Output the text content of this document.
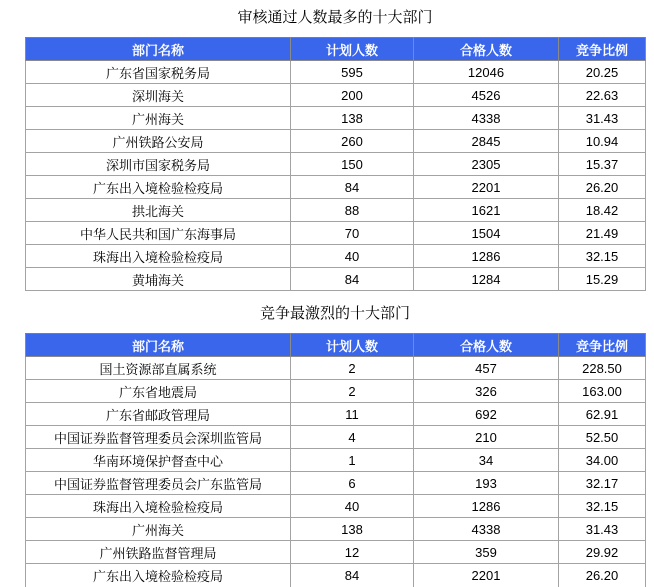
审核通过人数最多的十大部门
部门名称	计划人数	合格人数	竞争比例
广东省国家税务局	595	12046	20.25
深圳海关	200	4526	22.63
广州海关	138	4338	31.43
广州铁路公安局	260	2845	10.94
深圳市国家税务局	150	2305	15.37
广东出入境检验检疫局	84	2201	26.20
拱北海关	88	1621	18.42
中华人民共和国广东海事局	70	1504	21.49
珠海出入境检验检疫局	40	1286	32.15
黄埔海关	84	1284	15.29
竞争最激烈的十大部门
部门名称	计划人数	合格人数	竞争比例
国土资源部直属系统	2	457	228.50
广东省地震局	2	326	163.00
广东省邮政管理局	11	692	62.91
中国证券监督管理委员会深圳监管局	4	210	52.50
华南环境保护督查中心	1	34	34.00
中国证券监督管理委员会广东监管局	6	193	32.17
珠海出入境检验检疫局	40	1286	32.15
广州海关	138	4338	31.43
广州铁路监督管理局	12	359	29.92
广东出入境检验检疫局	84	2201	26.20
